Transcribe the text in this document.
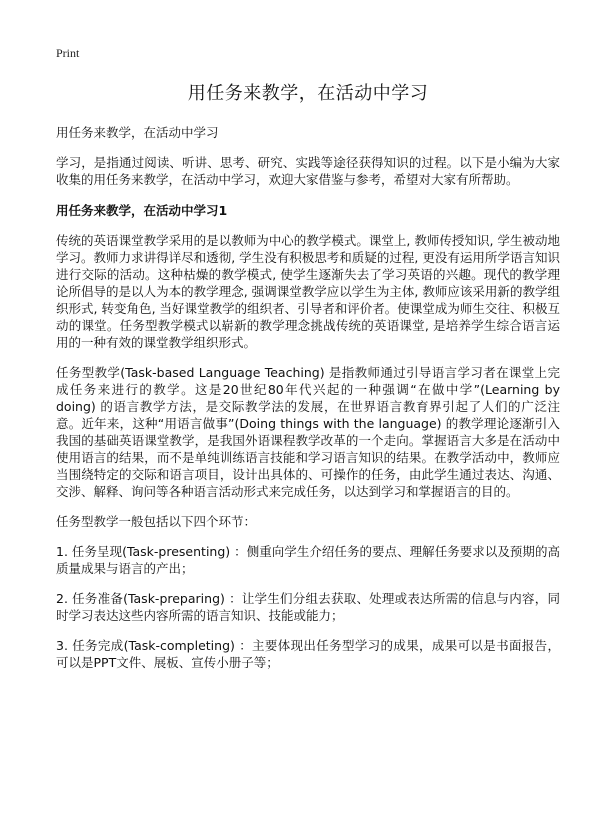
Print
用任务来教学，在活动中学习
用任务来教学，在活动中学习

学习，是指通过阅读、听讲、思考、研究、实践等途径获得知识的过程。以下是小编为大家收集的用任务来教学，在活动中学习，欢迎大家借鉴与参考，希望对大家有所帮助。

用任务来教学，在活动中学习1

传统的英语课堂教学采用的是以教师为中心的教学模式。课堂上, 教师传授知识, 学生被动地学习。教师力求讲得详尽和透彻, 学生没有积极思考和质疑的过程, 更没有运用所学语言知识进行交际的活动。这种枯燥的教学模式, 使学生逐渐失去了学习英语的兴趣。现代的教学理论所倡导的是以人为本的教学理念, 强调课堂教学应以学生为主体, 教师应该采用新的教学组织形式, 转变角色, 当好课堂教学的组织者、引导者和评价者。使课堂成为师生交往、积极互动的课堂。任务型教学模式以崭新的教学理念挑战传统的英语课堂, 是培养学生综合语言运用的一种有效的课堂教学组织形式。

任务型教学(Task-based Language Teaching) 是指教师通过引导语言学习者在课堂上完成任务来进行的教学。这是20世纪80年代兴起的一种强调“在做中学”(Learning by doing) 的语言教学方法，是交际教学法的发展，在世界语言教育界引起了人们的广泛注意。近年来，这种“用语言做事”(Doing things with the language) 的教学理论逐渐引入我国的基础英语课堂教学，是我国外语课程教学改革的一个走向。掌握语言大多是在活动中使用语言的结果，而不是单纯训练语言技能和学习语言知识的结果。在教学活动中，教师应当围绕特定的交际和语言项目，设计出具体的、可操作的任务，由此学生通过表达、沟通、交涉、解释、询问等各种语言活动形式来完成任务，以达到学习和掌握语言的目的。

任务型教学一般包括以下四个环节：

1. 任务呈现(Task-presenting) ：侧重向学生介绍任务的要点、理解任务要求以及预期的高质量成果与语言的产出；

2. 任务准备(Task-preparing) ：让学生们分组去获取、处理或表达所需的信息与内容，同时学习表达这些内容所需的语言知识、技能或能力；

3. 任务完成(Task-completing) ：主要体现出任务型学习的成果，成果可以是书面报告，可以是PPT文件、展板、宣传小册子等；
